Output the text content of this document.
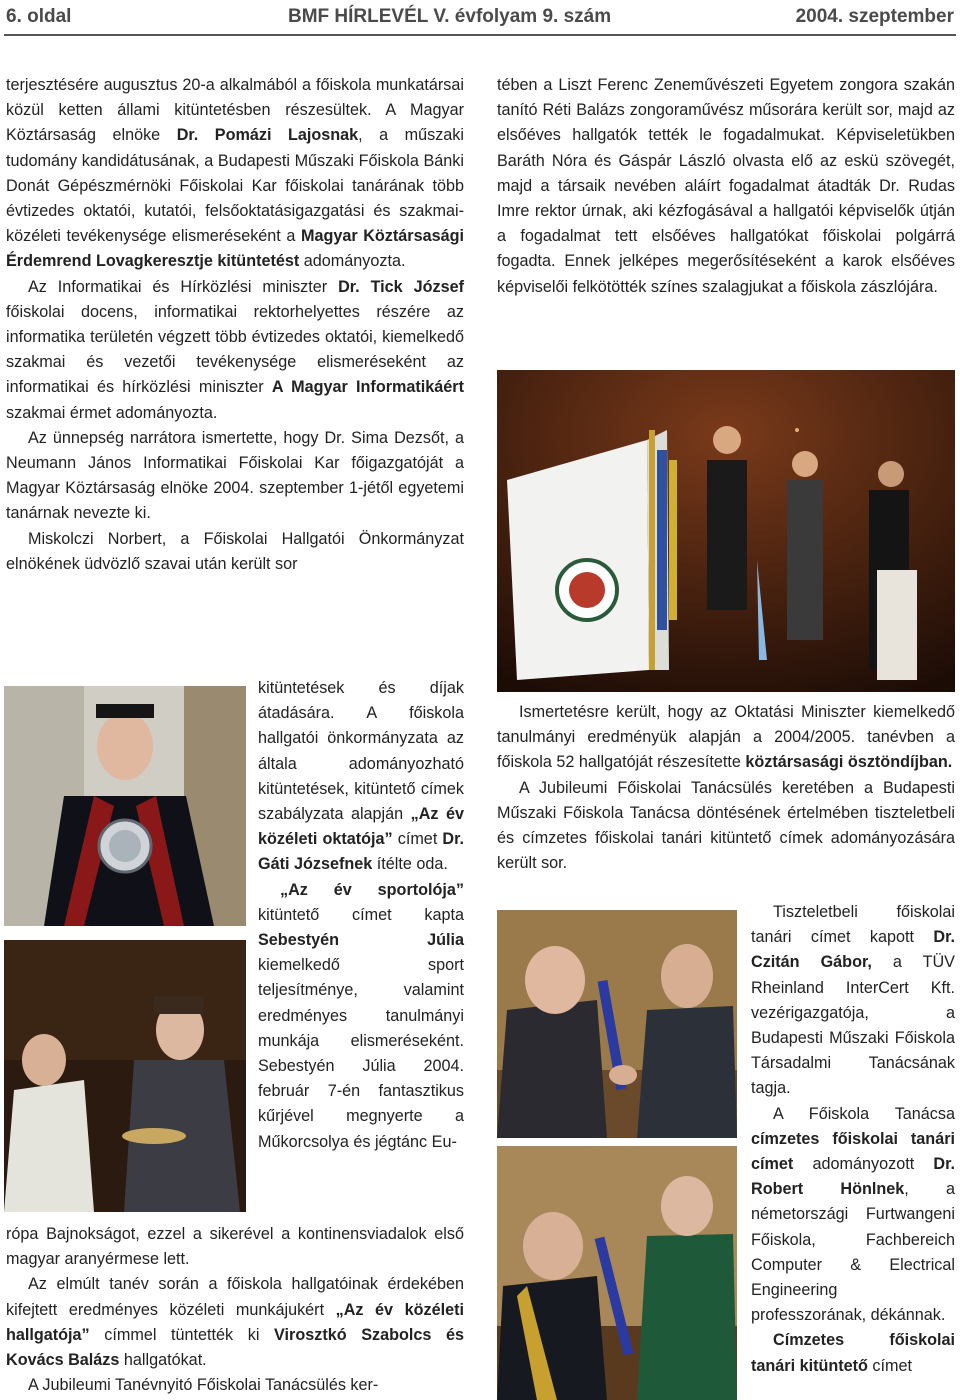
6. oldal	BMF HÍRLEVÉL V. évfolyam 9. szám	2004. szeptember

terjesztésére augusztus 20-a alkalmából a főiskola munkatársai közül ketten állami kitüntetésben részesültek. A Magyar Köztársaság elnöke Dr. Pomázi Lajosnak, a műszaki tudomány kandidátusának, a Budapesti Műszaki Főiskola Bánki Donát Gépészmérnöki Főiskolai Kar főiskolai tanárának több évtizedes oktatói, kutatói, felsőoktatásigazgatási és szakmai-közéleti tevékenysége elismeréseként a Magyar Köztársasági Érdemrend Lovagkeresztje kitüntetést adományozta.

Az Informatikai és Hírközlési miniszter Dr. Tick József főiskolai docens, informatikai rektorhelyettes részére az informatika területén végzett több évtizedes oktatói, kiemelkedő szakmai és vezetői tevékenysége elismeréseként az informatikai és hírközlési miniszter A Magyar Informatikáért szakmai érmet adományozta.

Az ünnepség narrátora ismertette, hogy Dr. Sima Dezsőt, a Neumann János Informatikai Főiskolai Kar főigazgatóját a Magyar Köztársaság elnöke 2004. szeptember 1-jétől egyetemi tanárnak nevezte ki.

Miskolczi Norbert, a Főiskolai Hallgatói Önkormányzat elnökének üdvözlő szavai után került sor

kitüntetések és díjak átadására. A főiskola hallgatói önkormányzata az általa adományozható kitüntetések, kitüntető címek szabályzata alapján „Az év közéleti oktatója” címet Dr. Gáti Józsefnek ítélte oda.

„Az év sportolója” kitüntető címet kapta Sebestyén Júlia kiemelkedő sport teljesítménye, valamint eredményes tanulmányi munkája elismeréseként. Sebestyén Júlia 2004. február 7-én fantasztikus kűrjével megnyerte a Műkorcsolya és jégtánc Eu-

rópa Bajnokságot, ezzel a sikerével a kontinensviadalok első magyar aranyérmese lett.

Az elmúlt tanév során a főiskola hallgatóinak érdekében kifejtett eredményes közéleti munkájukért „Az év közéleti hallgatója” címmel tüntették ki Virosztkó Szabolcs és Kovács Balázs hallgatókat.

A Jubileumi Tanévnyitó Főiskolai Tanácsülés ker-

tében a Liszt Ferenc Zeneművészeti Egyetem zongora szakán tanító Réti Balázs zongoraművész műsorára került sor, majd az elsőéves hallgatók tették le fogadalmukat. Képviseletükben Baráth Nóra és Gáspár László olvasta elő az eskü szövegét, majd a társaik nevében aláírt fogadalmat átadták Dr. Rudas Imre rektor úrnak, aki kézfogásával a hallgatói képviselők útján a fogadalmat tett elsőéves hallgatókat főiskolai polgárrá fogadta. Ennek jelképes megerősítéseként a karok elsőéves képviselői felkötötték színes szalagjukat a főiskola zászlójára.

Ismertetésre került, hogy az Oktatási Miniszter kiemelkedő tanulmányi eredményük alapján a 2004/2005. tanévben a főiskola 52 hallgatóját részesítette köztársasági ösztöndíjban.

A Jubileumi Főiskolai Tanácsülés keretében a Budapesti Műszaki Főiskola Tanácsa döntésének értelmében tiszteletbeli és címzetes főiskolai tanári kitüntető címek adományozására került sor.

Tiszteletbeli főiskolai tanári címet kapott Dr. Czitán Gábor, a TÜV Rheinland InterCert Kft. vezérigazgatója, a Budapesti Műszaki Főiskola Társadalmi Tanácsának tagja.

A Főiskola Tanácsa címzetes főiskolai tanári címet adományozott Dr. Robert Hönlnek, a németországi Furtwangeni Főiskola, Fachbereich Computer & Electrical Engineering professzorának, dékánnak.

Címzetes főiskolai tanári kitüntető címet
